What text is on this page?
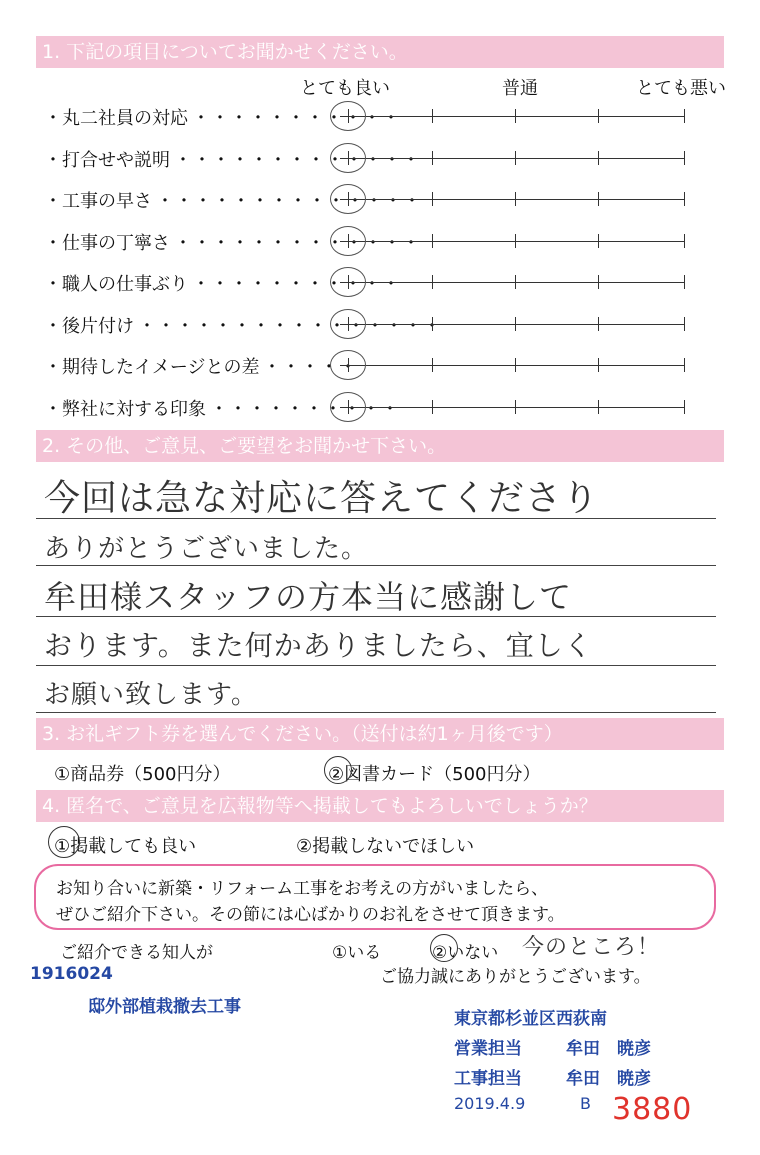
1. 下記の項目についてお聞かせください。
とても良い	普通	とても悪い
・丸二社員の対応 ・・・・・・・・・・・
・打合せや説明 ・・・・・・・・・・・・・
・工事の早さ ・・・・・・・・・・・・・・
・仕事の丁寧さ ・・・・・・・・・・・・・
・職人の仕事ぶり ・・・・・・・・・・・
・後片付け ・・・・・・・・・・・・・・・・
・期待したイメージとの差 ・・・・・
・弊社に対する印象 ・・・・・・・・・・
2. その他、ご意見、ご要望をお聞かせ下さい。
今回は急な対応に答えてくださり
ありがとうございました。
牟田様スタッフの方本当に感謝して
おります。また何かありましたら、宜しく
お願い致します。
3. お礼ギフト券を選んでください。（送付は約1ヶ月後です）
①商品券（500円分）	②図書カード（500円分）
4. 匿名で、ご意見を広報物等へ掲載してもよろしいでしょうか？
①掲載しても良い	②掲載しないでほしい
お知り合いに新築・リフォーム工事をお考えの方がいましたら、
ぜひご紹介下さい。その節には心ばかりのお礼をさせて頂きます。
ご紹介できる知人が	①いる	②いない 今のところ！
ご協力誠にありがとうございます。
1916024
邸外部植栽撤去工事
東京都杉並区西荻南
営業担当	牟田　暁彦
工事担当	牟田　暁彦
2019.4.9	B 3880
